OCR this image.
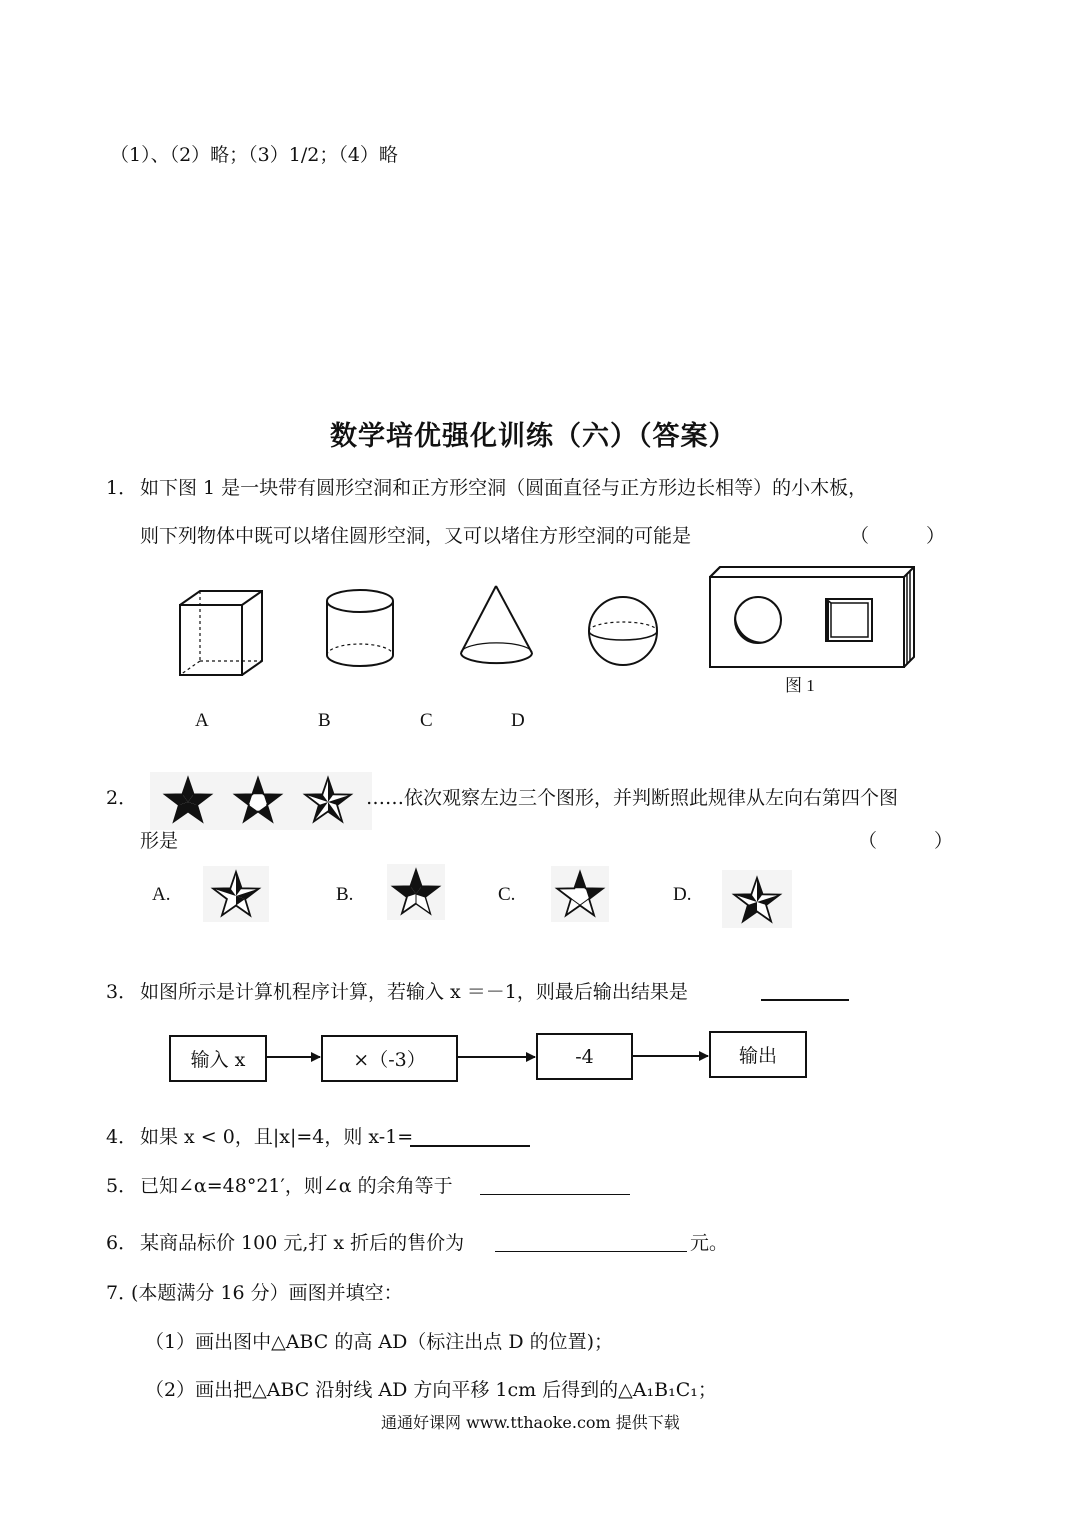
（1）、（2）略；（3）1/2；（4）略
数学培优强化训练（六）（答案）
1． 如下图 1 是一块带有圆形空洞和正方形空洞（圆面直径与正方形边长相等）的小木板，
则下列物体中既可以堵住圆形空洞，又可以堵住方形空洞的可能是	（　　　）
图 1
A	B	C	D
2．	……依次观察左边三个图形，并判断照此规律从左向右第四个图
形是	（　　　）
A.	B.	C.	D.
3． 如图所示是计算机程序计算，若输入 x ＝－1，则最后输出结果是
输入 x	×（-3）	-4	输出
4． 如果 x < 0，且|x|=4，则 x-1=
5． 已知∠α=48°21′，则∠α 的余角等于
6． 某商品标价 100 元,打 x 折后的售价为	元。
7．
(本题满分 16 分）画图并填空：
（1）画出图中△ABC 的高 AD（标注出点 D 的位置)；
（2）画出把△ABC 沿射线 AD 方向平移 1cm 后得到的△A₁B₁C₁；
通通好课网 www.tthaoke.com 提供下载
